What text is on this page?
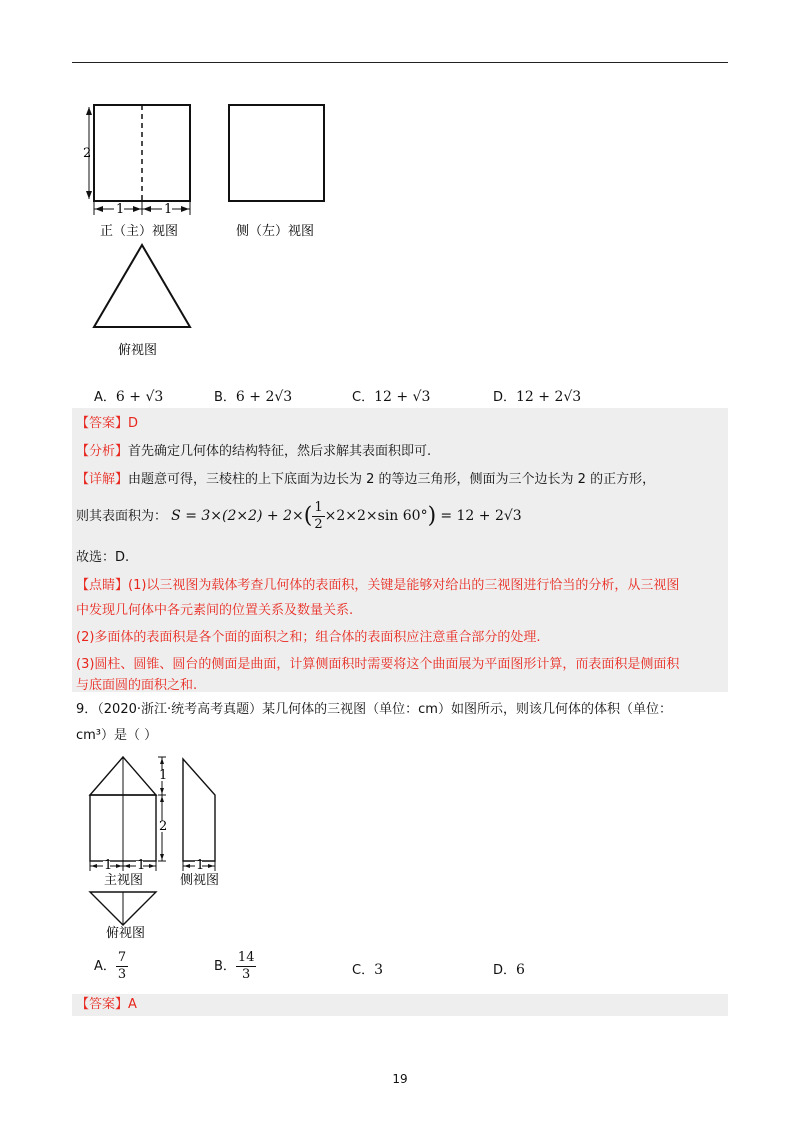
2
1	1
正（主）视图	侧（左）视图
俯视图
A．6 + √3	B．6 + 2√3	C．12 + √3	D．12 + 2√3
【答案】D
【分析】首先确定几何体的结构特征，然后求解其表面积即可.
【详解】由题意可得，三棱柱的上下底面为边长为 2 的等边三角形，侧面为三个边长为 2 的正方形，
则其表面积为： $S = 3\times(2\times 2) + 2\times( \frac{1}{2} \times 2\times 2\times\sin$ 60°) = 12 + 2√3
故选：D.
【点睛】(1)以三视图为载体考查几何体的表面积，关键是能够对给出的三视图进行恰当的分析，从三视图
中发现几何体中各元素间的位置关系及数量关系.
(2)多面体的表面积是各个面的面积之和；组合体的表面积应注意重合部分的处理.
(3)圆柱、圆锥、圆台的侧面是曲面，计算侧面积时需要将这个曲面展为平面图形计算，而表面积是侧面积
与底面圆的面积之和.
9．（2020·浙江·统考高考真题）某几何体的三视图（单位：cm）如图所示，则该几何体的体积（单位：
cm³）是（ ）
1
2
1 1
主视图
1
侧视图
俯视图
A． $\frac{7}{3}$	B． $\frac{14}{3}$	C．3	D．6
【答案】A
19
